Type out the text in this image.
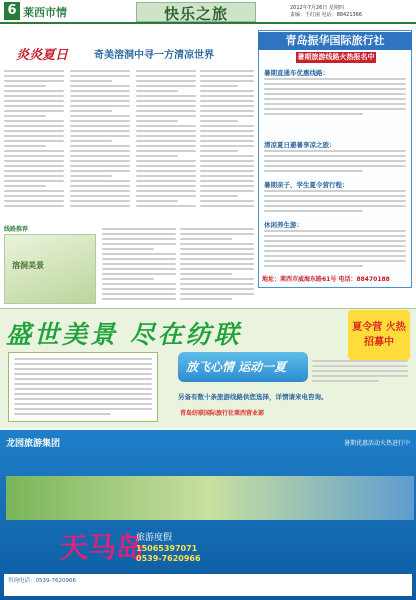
6 莱西市情	快乐之旅	2012年7月26日 星期四
责编：王红丽 电话：88421366
炎炎夏日	奇美溶洞中寻一方清凉世界
青岛振华国际旅行社
暑期旅游线路火热报名中
暑期直通车优惠线路：
清凉夏日避暑享凉之旅：
暑期亲子、学生夏令营行程：
休闲养生游：
地址：莱西市威海东路61号 电话：88470188
线路推荐
溶洞美景
盛世美景 尽在纺联	夏令营 火热招募中
放飞心情 运动一夏
另备有数十条旅游线路供您选择，详情请来电咨询。
青岛纺联国际旅行社莱西营业部
龙园旅游集团	暑期优惠活动火热进行中
天马岛
旅游度假
15065397071
0539-7620966
咨询电话：0539-7620966
